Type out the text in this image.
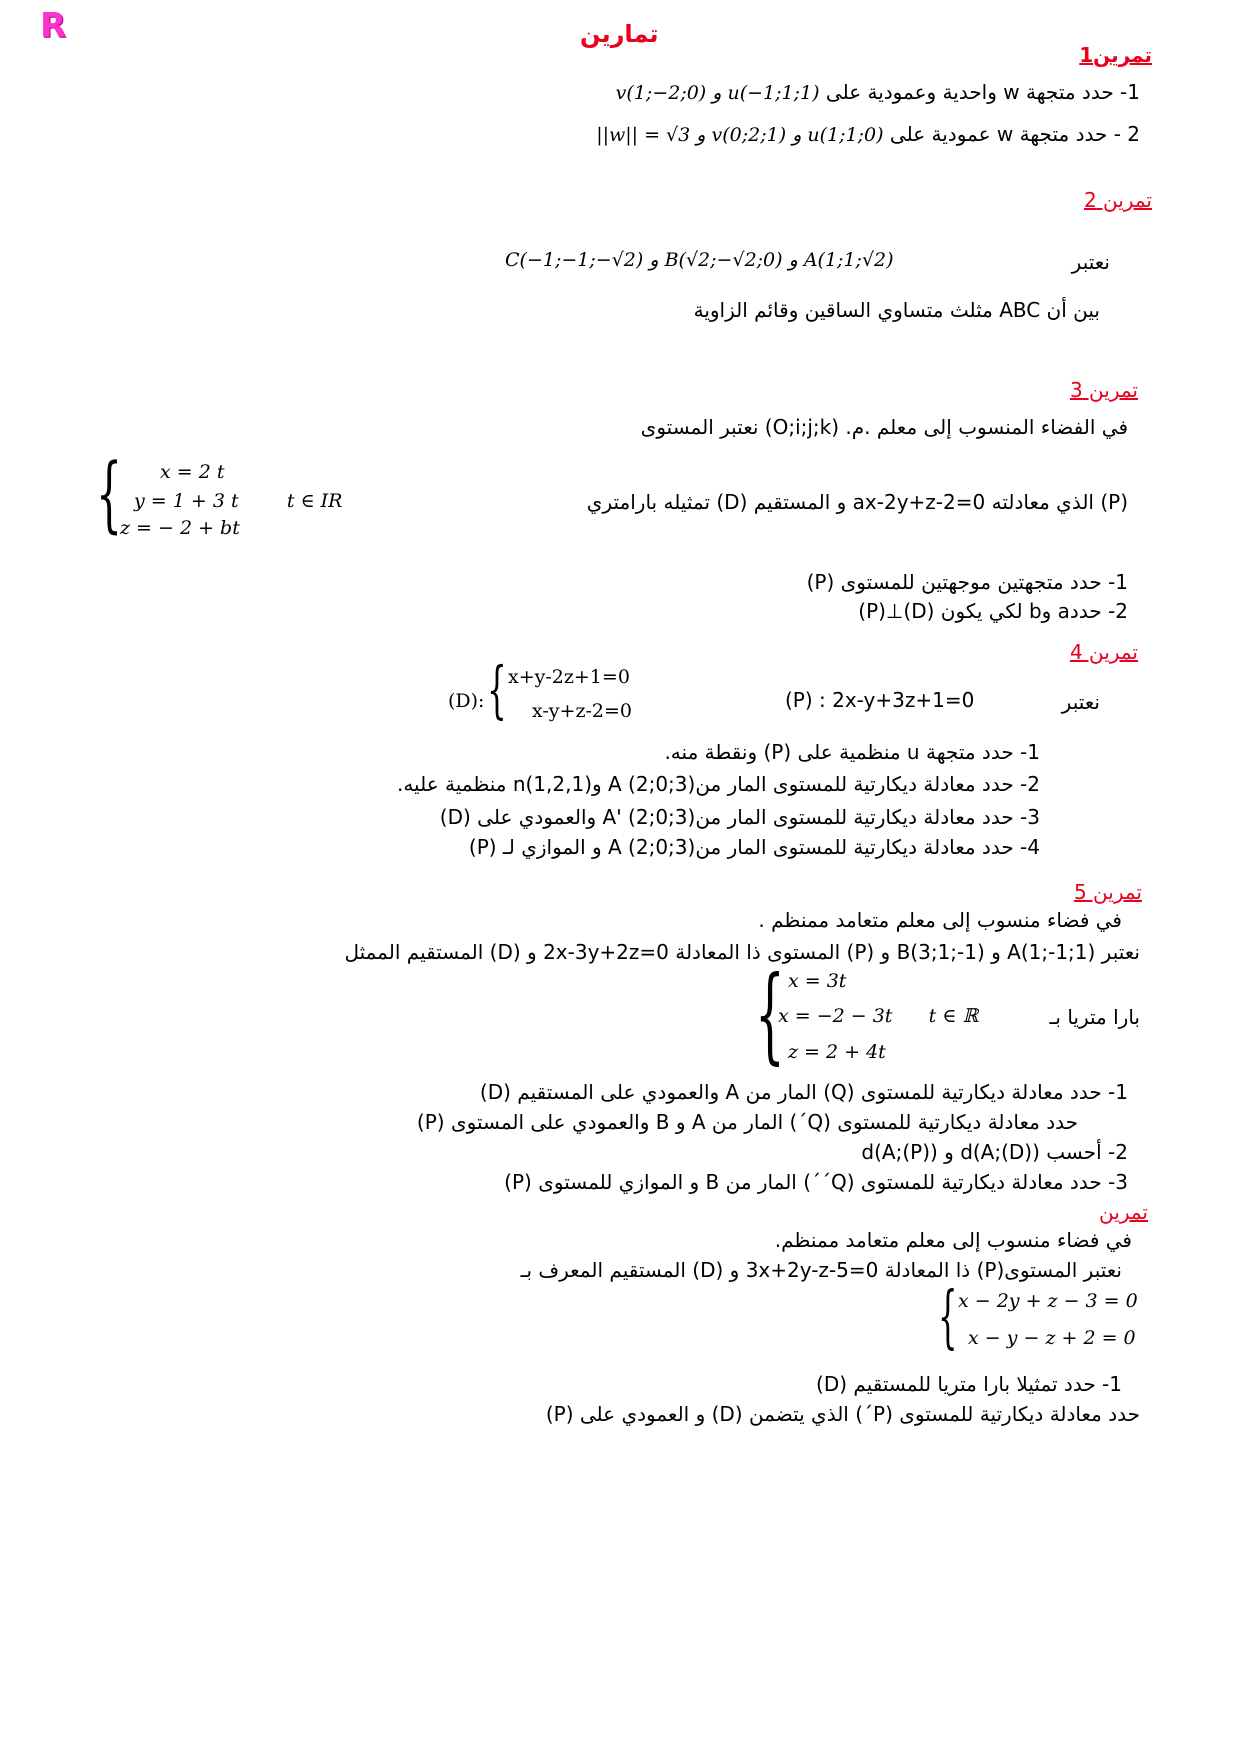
R	تمارين
تمرين1
1- حدد متجهة w واحدية وعمودية على v(1;−2;0) و u(−1;1;1)
2 - حدد متجهة w عمودية على ||w|| = √3 و v(0;2;1) و u(1;1;0)
تمرين 2
نعتبر
C(−1;−1;−√2) و B(√2;−√2;0) و A(1;1;√2)
بين أن ABC مثلث متساوي الساقين وقائم الزاوية
تمرين 3
في الفضاء المنسوب إلى معلم .م. (O;i;j;k) نعتبر المستوى
(P) الذي معادلته ax-2y+z-2=0 و المستقيم (D) تمثيله بارامتري
{ x = 2 t
y = 1 + 3 t        t ∈ IR
z = − 2 + bt
1- حدد متجهتين موجهتين للمستوى (P)
2- حددa وb لكي يكون (D)⊥(P)
تمرين 4
نعتبر
(P) : 2x-y+3z+1=0
(D): { x+y-2z+1=0
x-y+z-2=0
1- حدد متجهة u منظمية على (P) ونقطة منه.
2- حدد معادلة ديكارتية للمستوى المار منA (2;0;3) وn(1,2,1) منظمية عليه.
3- حدد معادلة ديكارتية للمستوى المار منA' (2;0;3) والعمودي على (D)
4- حدد معادلة ديكارتية للمستوى المار منA (2;0;3) و الموازي لـ (P)
تمرين 5
في فضاء منسوب إلى معلم متعامد ممنظم .
نعتبر A(1;-1;1) و B(3;1;-1) و (P) المستوى ذا المعادلة 2x-3y+2z=0 و (D) المستقيم الممثل
{ x = 3t
x = −2 − 3t      t ∈ ℝ
z = 2 + 4t
بارا متريا بـ
1- حدد معادلة ديكارتية للمستوى (Q) المار من A والعمودي على المستقيم (D)
حدد معادلة ديكارتية للمستوى (Q´) المار من A و B والعمودي على المستوى (P)
2- أحسب d(A;(D)) و d(A;(P))
3- حدد معادلة ديكارتية للمستوى (Q´´) المار من B و الموازي للمستوى (P)
تمرين
في فضاء منسوب إلى معلم متعامد ممنظم.
نعتبر المستوى(P) ذا المعادلة 3x+2y-z-5=0 و (D) المستقيم المعرف بـ
{ x − 2y + z − 3 = 0
x − y − z + 2 = 0
1- حدد تمثيلا بارا متريا للمستقيم (D)
حدد معادلة ديكارتية للمستوى (P´) الذي يتضمن (D) و العمودي على (P)
